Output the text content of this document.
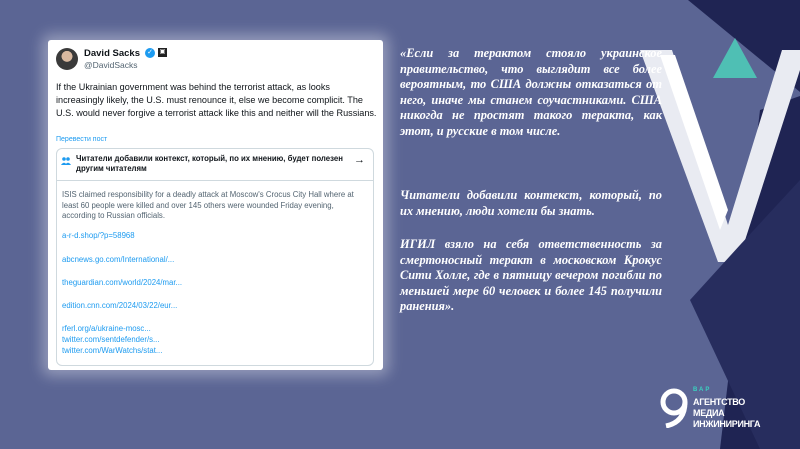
David Sacks ✓	▣
@DavidSacks
If the Ukrainian government was behind the terrorist attack, as looks increasingly likely, the U.S. must renounce it, else we become complicit. The U.S. would never forgive a terrorist attack like this and neither will the Russians.
Перевести пост
Читатели добавили контекст, который, по их мнению, будет полезен другим читателям
→
ISIS claimed responsibility for a deadly attack at Moscow's Crocus City Hall where at least 60 people were killed and over 145 others were wounded Friday evening, according to Russian officials.
a-r-d.shop/?p=58968
abcnews.go.com/International/...
theguardian.com/world/2024/mar...
edition.cnn.com/2024/03/22/eur...
rferl.org/a/ukraine-mosc...
twitter.com/sentdefender/s...
twitter.com/WarWatchs/stat...

«Если за терактом стояло украинское правительство, что выглядит все более вероятным, то США должны отказаться от него, иначе мы станем соучастниками. США никогда не простят такого теракта, как этот, и русские в том числе.

Читатели добавили контекст, который, по их мнению, люди хотели бы знать.

ИГИЛ взяло на себя ответственность за смертоносный теракт в московском Крокус Сити Холле, где в пятницу вечером погибли по меньшей мере 60 человек и более 145 получили ранения».

ВАР
АГЕНТСТВО
МЕДИА
ИНЖИНИРИНГА
